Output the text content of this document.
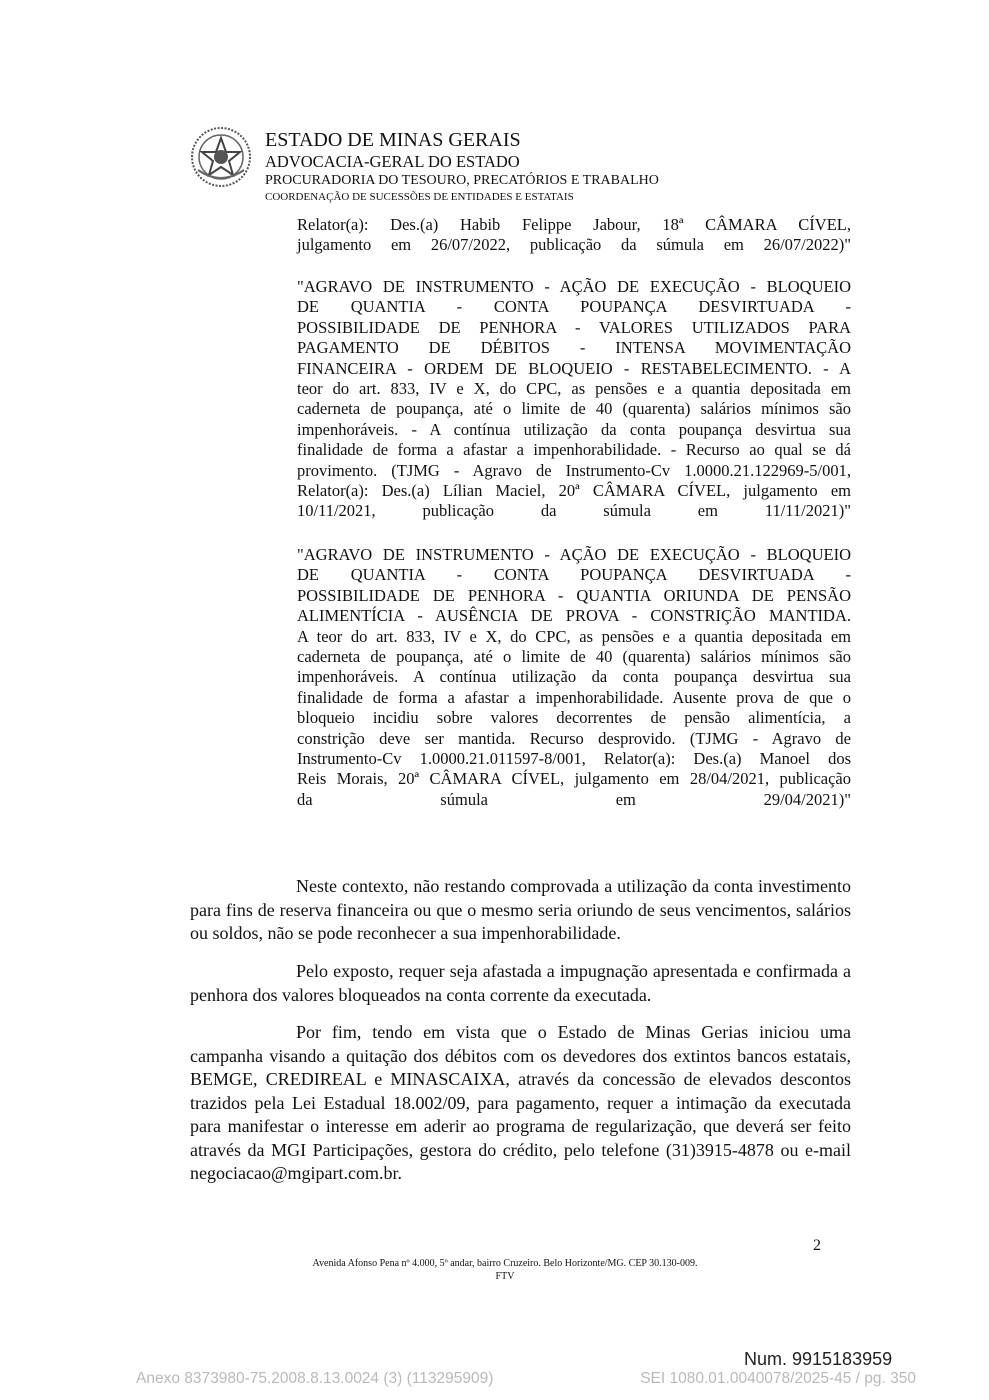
ESTADO DE MINAS GERAIS
ADVOCACIA-GERAL DO ESTADO
PROCURADORIA DO TESOURO, PRECATÓRIOS E TRABALHO
COORDENAÇÃO DE SUCESSÕES DE ENTIDADES E ESTATAIS
Relator(a): Des.(a) Habib Felippe Jabour, 18ª CÂMARA CÍVEL,
julgamento em 26/07/2022, publicação da súmula em 26/07/2022)"
"AGRAVO DE INSTRUMENTO - AÇÃO DE EXECUÇÃO - BLOQUEIO
DE QUANTIA - CONTA POUPANÇA DESVIRTUADA -
POSSIBILIDADE DE PENHORA - VALORES UTILIZADOS PARA
PAGAMENTO DE DÉBITOS - INTENSA MOVIMENTAÇÃO
FINANCEIRA - ORDEM DE BLOQUEIO - RESTABELECIMENTO. - A
teor do art. 833, IV e X, do CPC, as pensões e a quantia depositada em
caderneta de poupança, até o limite de 40 (quarenta) salários mínimos são
impenhoráveis. - A contínua utilização da conta poupança desvirtua sua
finalidade de forma a afastar a impenhorabilidade. - Recurso ao qual se dá
provimento. (TJMG - Agravo de Instrumento-Cv 1.0000.21.122969-5/001,
Relator(a): Des.(a) Lílian Maciel, 20ª CÂMARA CÍVEL, julgamento em
10/11/2021, publicação da súmula em 11/11/2021)"
"AGRAVO DE INSTRUMENTO - AÇÃO DE EXECUÇÃO - BLOQUEIO
DE QUANTIA - CONTA POUPANÇA DESVIRTUADA -
POSSIBILIDADE DE PENHORA - QUANTIA ORIUNDA DE PENSÃO
ALIMENTÍCIA - AUSÊNCIA DE PROVA - CONSTRIÇÃO MANTIDA.
A teor do art. 833, IV e X, do CPC, as pensões e a quantia depositada em
caderneta de poupança, até o limite de 40 (quarenta) salários mínimos são
impenhoráveis. A contínua utilização da conta poupança desvirtua sua
finalidade de forma a afastar a impenhorabilidade. Ausente prova de que o
bloqueio incidiu sobre valores decorrentes de pensão alimentícia, a
constrição deve ser mantida. Recurso desprovido. (TJMG - Agravo de
Instrumento-Cv 1.0000.21.011597-8/001, Relator(a): Des.(a) Manoel dos
Reis Morais, 20ª CÂMARA CÍVEL, julgamento em 28/04/2021, publicação
da súmula em 29/04/2021)"
Neste contexto, não restando comprovada a utilização da conta investimento para fins de reserva financeira ou que o mesmo seria oriundo de seus vencimentos, salários ou soldos, não se pode reconhecer a sua impenhorabilidade.
Pelo exposto, requer seja afastada a impugnação apresentada e confirmada a penhora dos valores bloqueados na conta corrente da executada.
Por fim, tendo em vista que o Estado de Minas Gerias iniciou uma campanha visando a quitação dos débitos com os devedores dos extintos bancos estatais, BEMGE, CREDIREAL e MINASCAIXA, através da concessão de elevados descontos trazidos pela Lei Estadual 18.002/09, para pagamento, requer a intimação da executada para manifestar o interesse em aderir ao programa de regularização, que deverá ser feito através da MGI Participações, gestora do crédito, pelo telefone (31)3915-4878 ou e-mail negociacao@mgipart.com.br.
2
Avenida Afonso Pena nº 4.000, 5º andar, bairro Cruzeiro. Belo Horizonte/MG. CEP 30.130-009.
FTV
Num. 9915183959
Anexo 8373980-75.2008.8.13.0024 (3) (113295909)	SEI 1080.01.0040078/2025-45 / pg. 350
